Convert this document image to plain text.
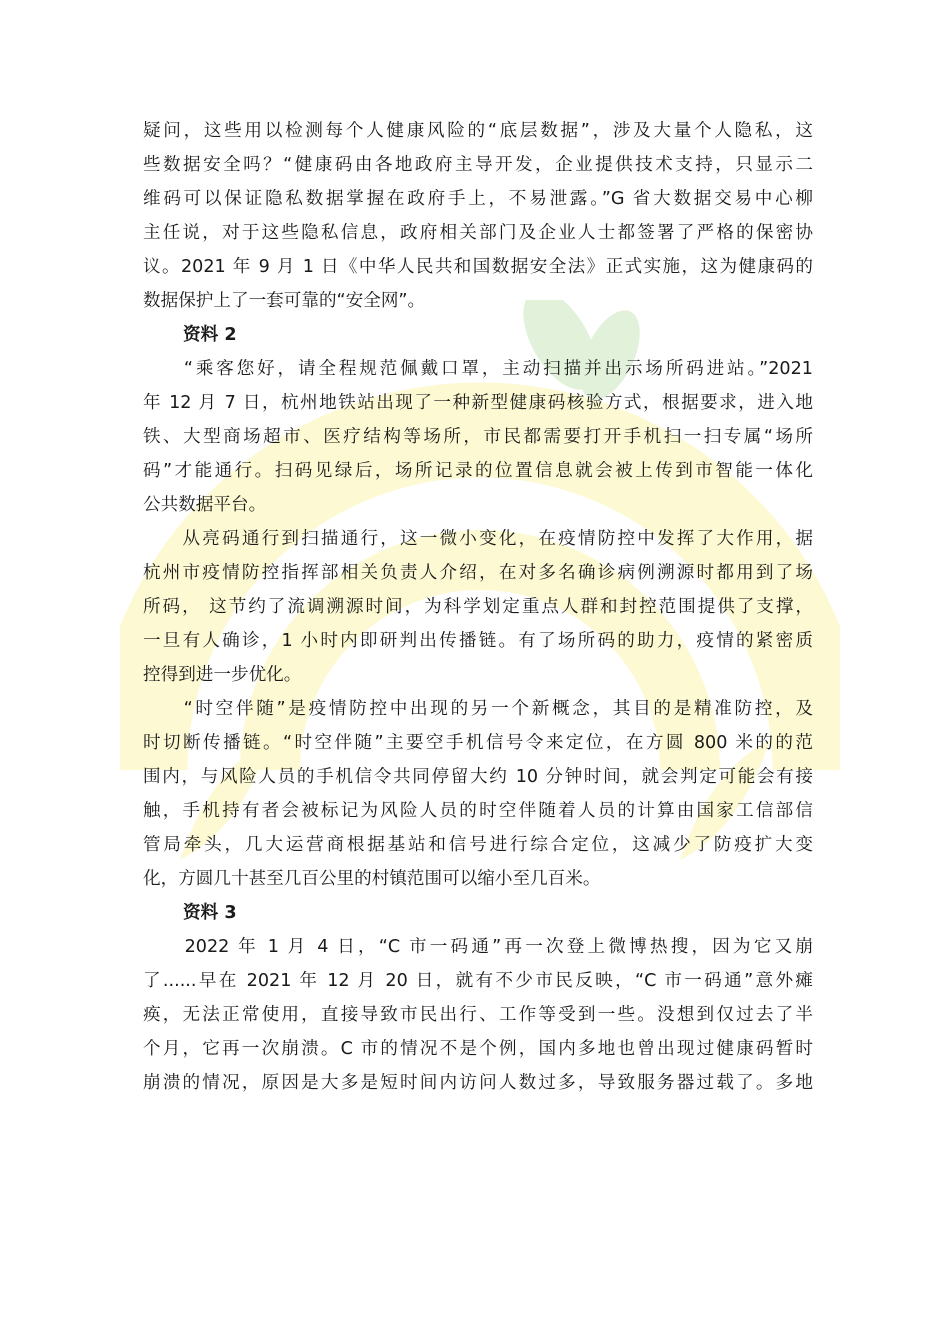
疑问，这些用以检测每个人健康风险的“底层数据”，涉及大量个人隐私，这
些数据安全吗？“健康码由各地政府主导开发，企业提供技术支持，只显示二
维码可以保证隐私数据掌握在政府手上，不易泄露。”G 省大数据交易中心柳
主任说，对于这些隐私信息，政府相关部门及企业人士都签署了严格的保密协
议。2021 年 9 月 1 日《中华人民共和国数据安全法》正式实施，这为健康码的
数据保护上了一套可靠的“安全网”。
资料 2
　　“乘客您好，请全程规范佩戴口罩，主动扫描并出示场所码进站。”2021
年 12 月 7 日，杭州地铁站出现了一种新型健康码核验方式，根据要求，进入地
铁、大型商场超市、医疗结构等场所，市民都需要打开手机扫一扫专属“场所
码”才能通行。扫码见绿后，场所记录的位置信息就会被上传到市智能一体化
公共数据平台。
　　从亮码通行到扫描通行，这一微小变化，在疫情防控中发挥了大作用，据
杭州市疫情防控指挥部相关负责人介绍，在对多名确诊病例溯源时都用到了场
所码， 这节约了流调溯源时间，为科学划定重点人群和封控范围提供了支撑，
一旦有人确诊，1 小时内即研判出传播链。有了场所码的助力，疫情的紧密质
控得到进一步优化。
　　“时空伴随”是疫情防控中出现的另一个新概念，其目的是精准防控，及
时切断传播链。“时空伴随”主要空手机信号令来定位，在方圆 800 米的的范
围内，与风险人员的手机信令共同停留大约 10 分钟时间，就会判定可能会有接
触，手机持有者会被标记为风险人员的时空伴随着人员的计算由国家工信部信
管局牵头，几大运营商根据基站和信号进行综合定位，这减少了防疫扩大变
化，方圆几十甚至几百公里的村镇范围可以缩小至几百米。
资料 3
　　2022 年 1 月 4 日，“C 市一码通”再一次登上微博热搜，因为它又崩
了......早在 2021 年 12 月 20 日，就有不少市民反映，“C 市一码通”意外瘫
痪，无法正常使用，直接导致市民出行、工作等受到一些。没想到仅过去了半
个月，它再一次崩溃。C 市的情况不是个例，国内多地也曾出现过健康码暂时
崩溃的情况，原因是大多是短时间内访问人数过多，导致服务器过载了。多地
